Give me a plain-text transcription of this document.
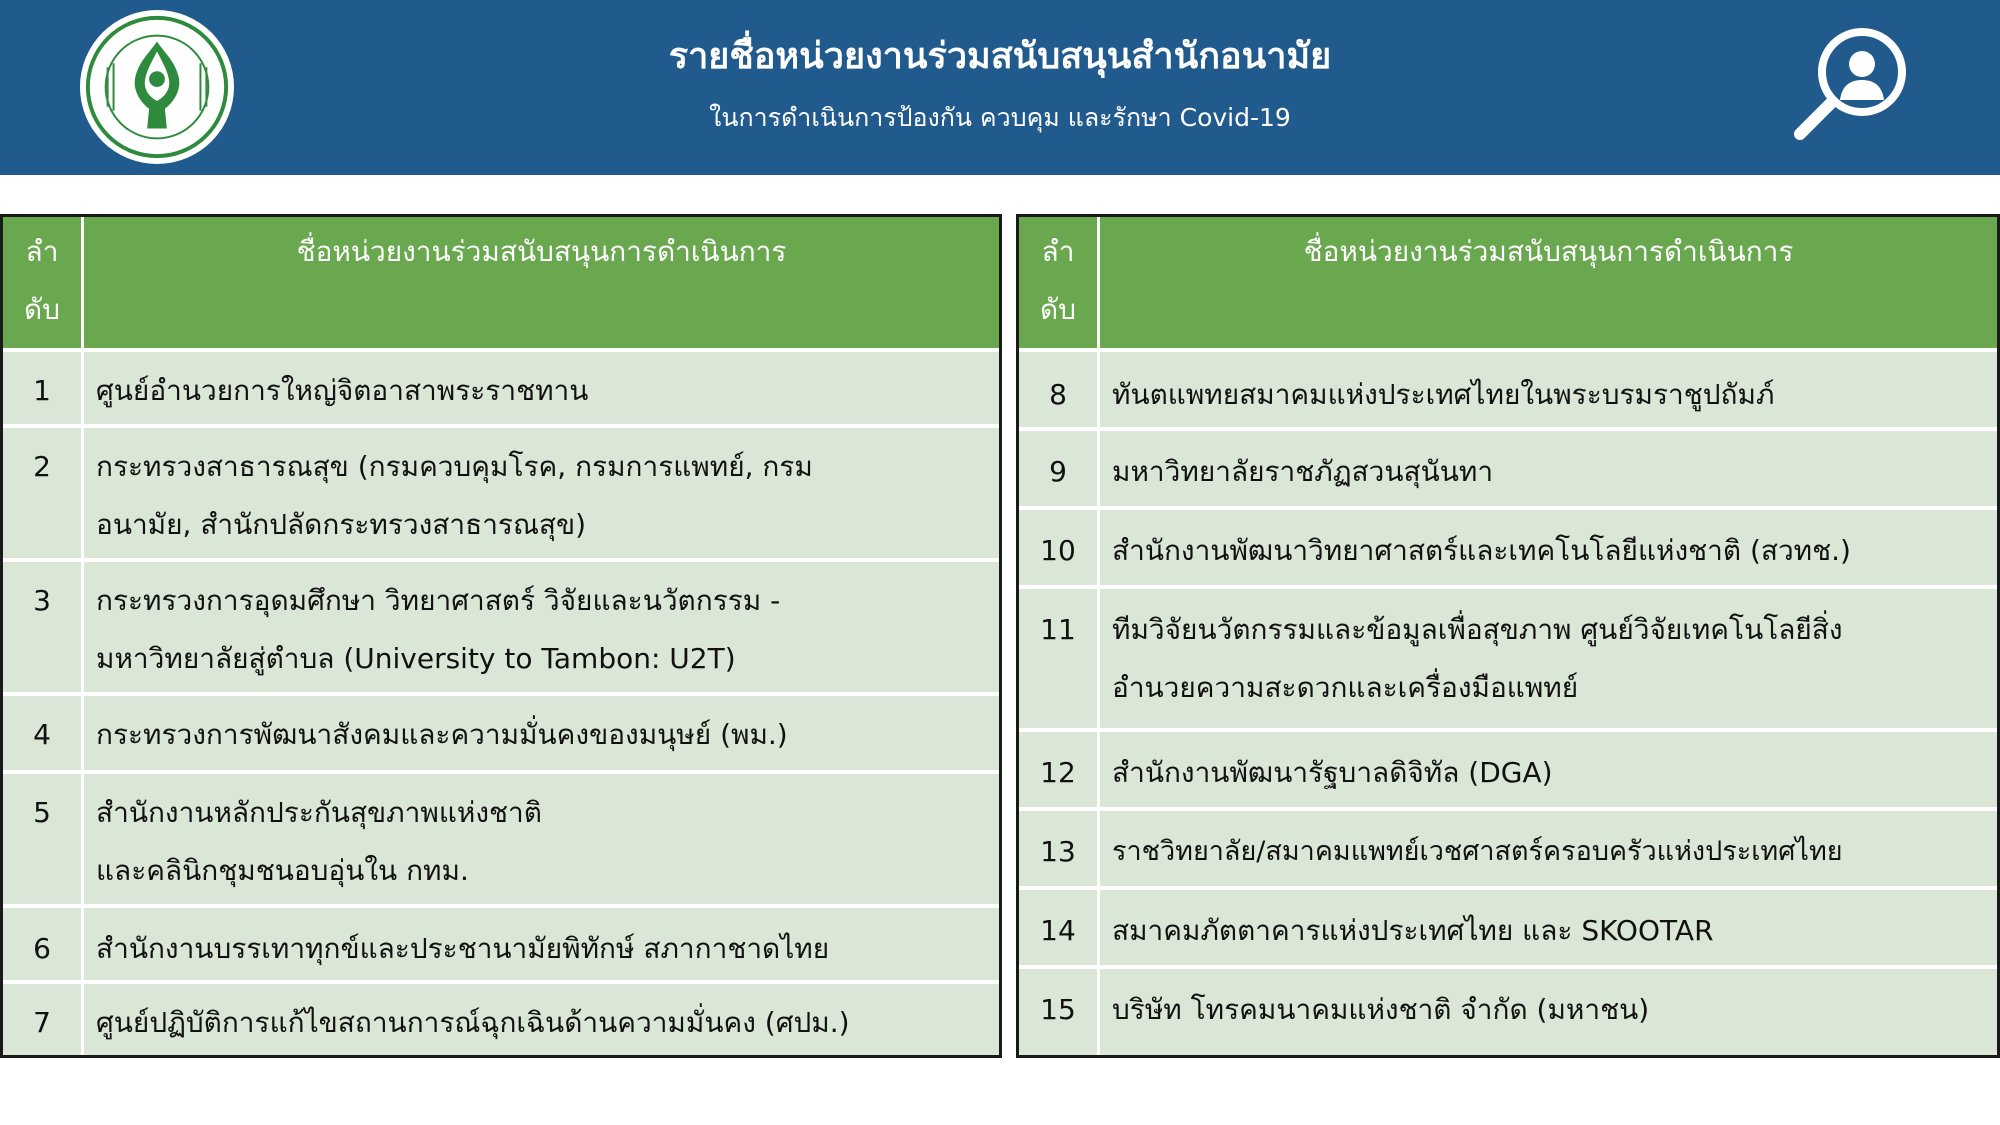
รายชื่อหน่วยงานร่วมสนับสนุนสำนักอนามัย
ในการดำเนินการป้องกัน ควบคุม และรักษา Covid-19
ลำ
ดับ
ชื่อหน่วยงานร่วมสนับสนุนการดำเนินการ
1	ศูนย์อำนวยการใหญ่จิตอาสาพระราชทาน
2	กระทรวงสาธารณสุข (กรมควบคุมโรค, กรมการแพทย์, กรม
อนามัย, สำนักปลัดกระทรวงสาธารณสุข)
3	กระทรวงการอุดมศึกษา วิทยาศาสตร์ วิจัยและนวัตกรรม -
มหาวิทยาลัยสู่ตำบล (University to Tambon: U2T)
4	กระทรวงการพัฒนาสังคมและความมั่นคงของมนุษย์ (พม.)
5	สำนักงานหลักประกันสุขภาพแห่งชาติ
และคลินิกชุมชนอบอุ่นใน กทม.
6	สำนักงานบรรเทาทุกข์และประชานามัยพิทักษ์ สภากาชาดไทย
7	ศูนย์ปฏิบัติการแก้ไขสถานการณ์ฉุกเฉินด้านความมั่นคง (ศปม.)
ลำ
ดับ
ชื่อหน่วยงานร่วมสนับสนุนการดำเนินการ
8	ทันตแพทยสมาคมแห่งประเทศไทยในพระบรมราชูปถัมภ์
9	มหาวิทยาลัยราชภัฏสวนสุนันทา
10	สำนักงานพัฒนาวิทยาศาสตร์และเทคโนโลยีแห่งชาติ (สวทช.)
11	ทีมวิจัยนวัตกรรมและข้อมูลเพื่อสุขภาพ ศูนย์วิจัยเทคโนโลยีสิ่ง
อำนวยความสะดวกและเครื่องมือแพทย์
12	สำนักงานพัฒนารัฐบาลดิจิทัล (DGA)
13	ราชวิทยาลัย/สมาคมแพทย์เวชศาสตร์ครอบครัวแห่งประเทศไทย
14	สมาคมภัตตาคารแห่งประเทศไทย และ SKOOTAR
15	บริษัท โทรคมนาคมแห่งชาติ จำกัด (มหาชน)
